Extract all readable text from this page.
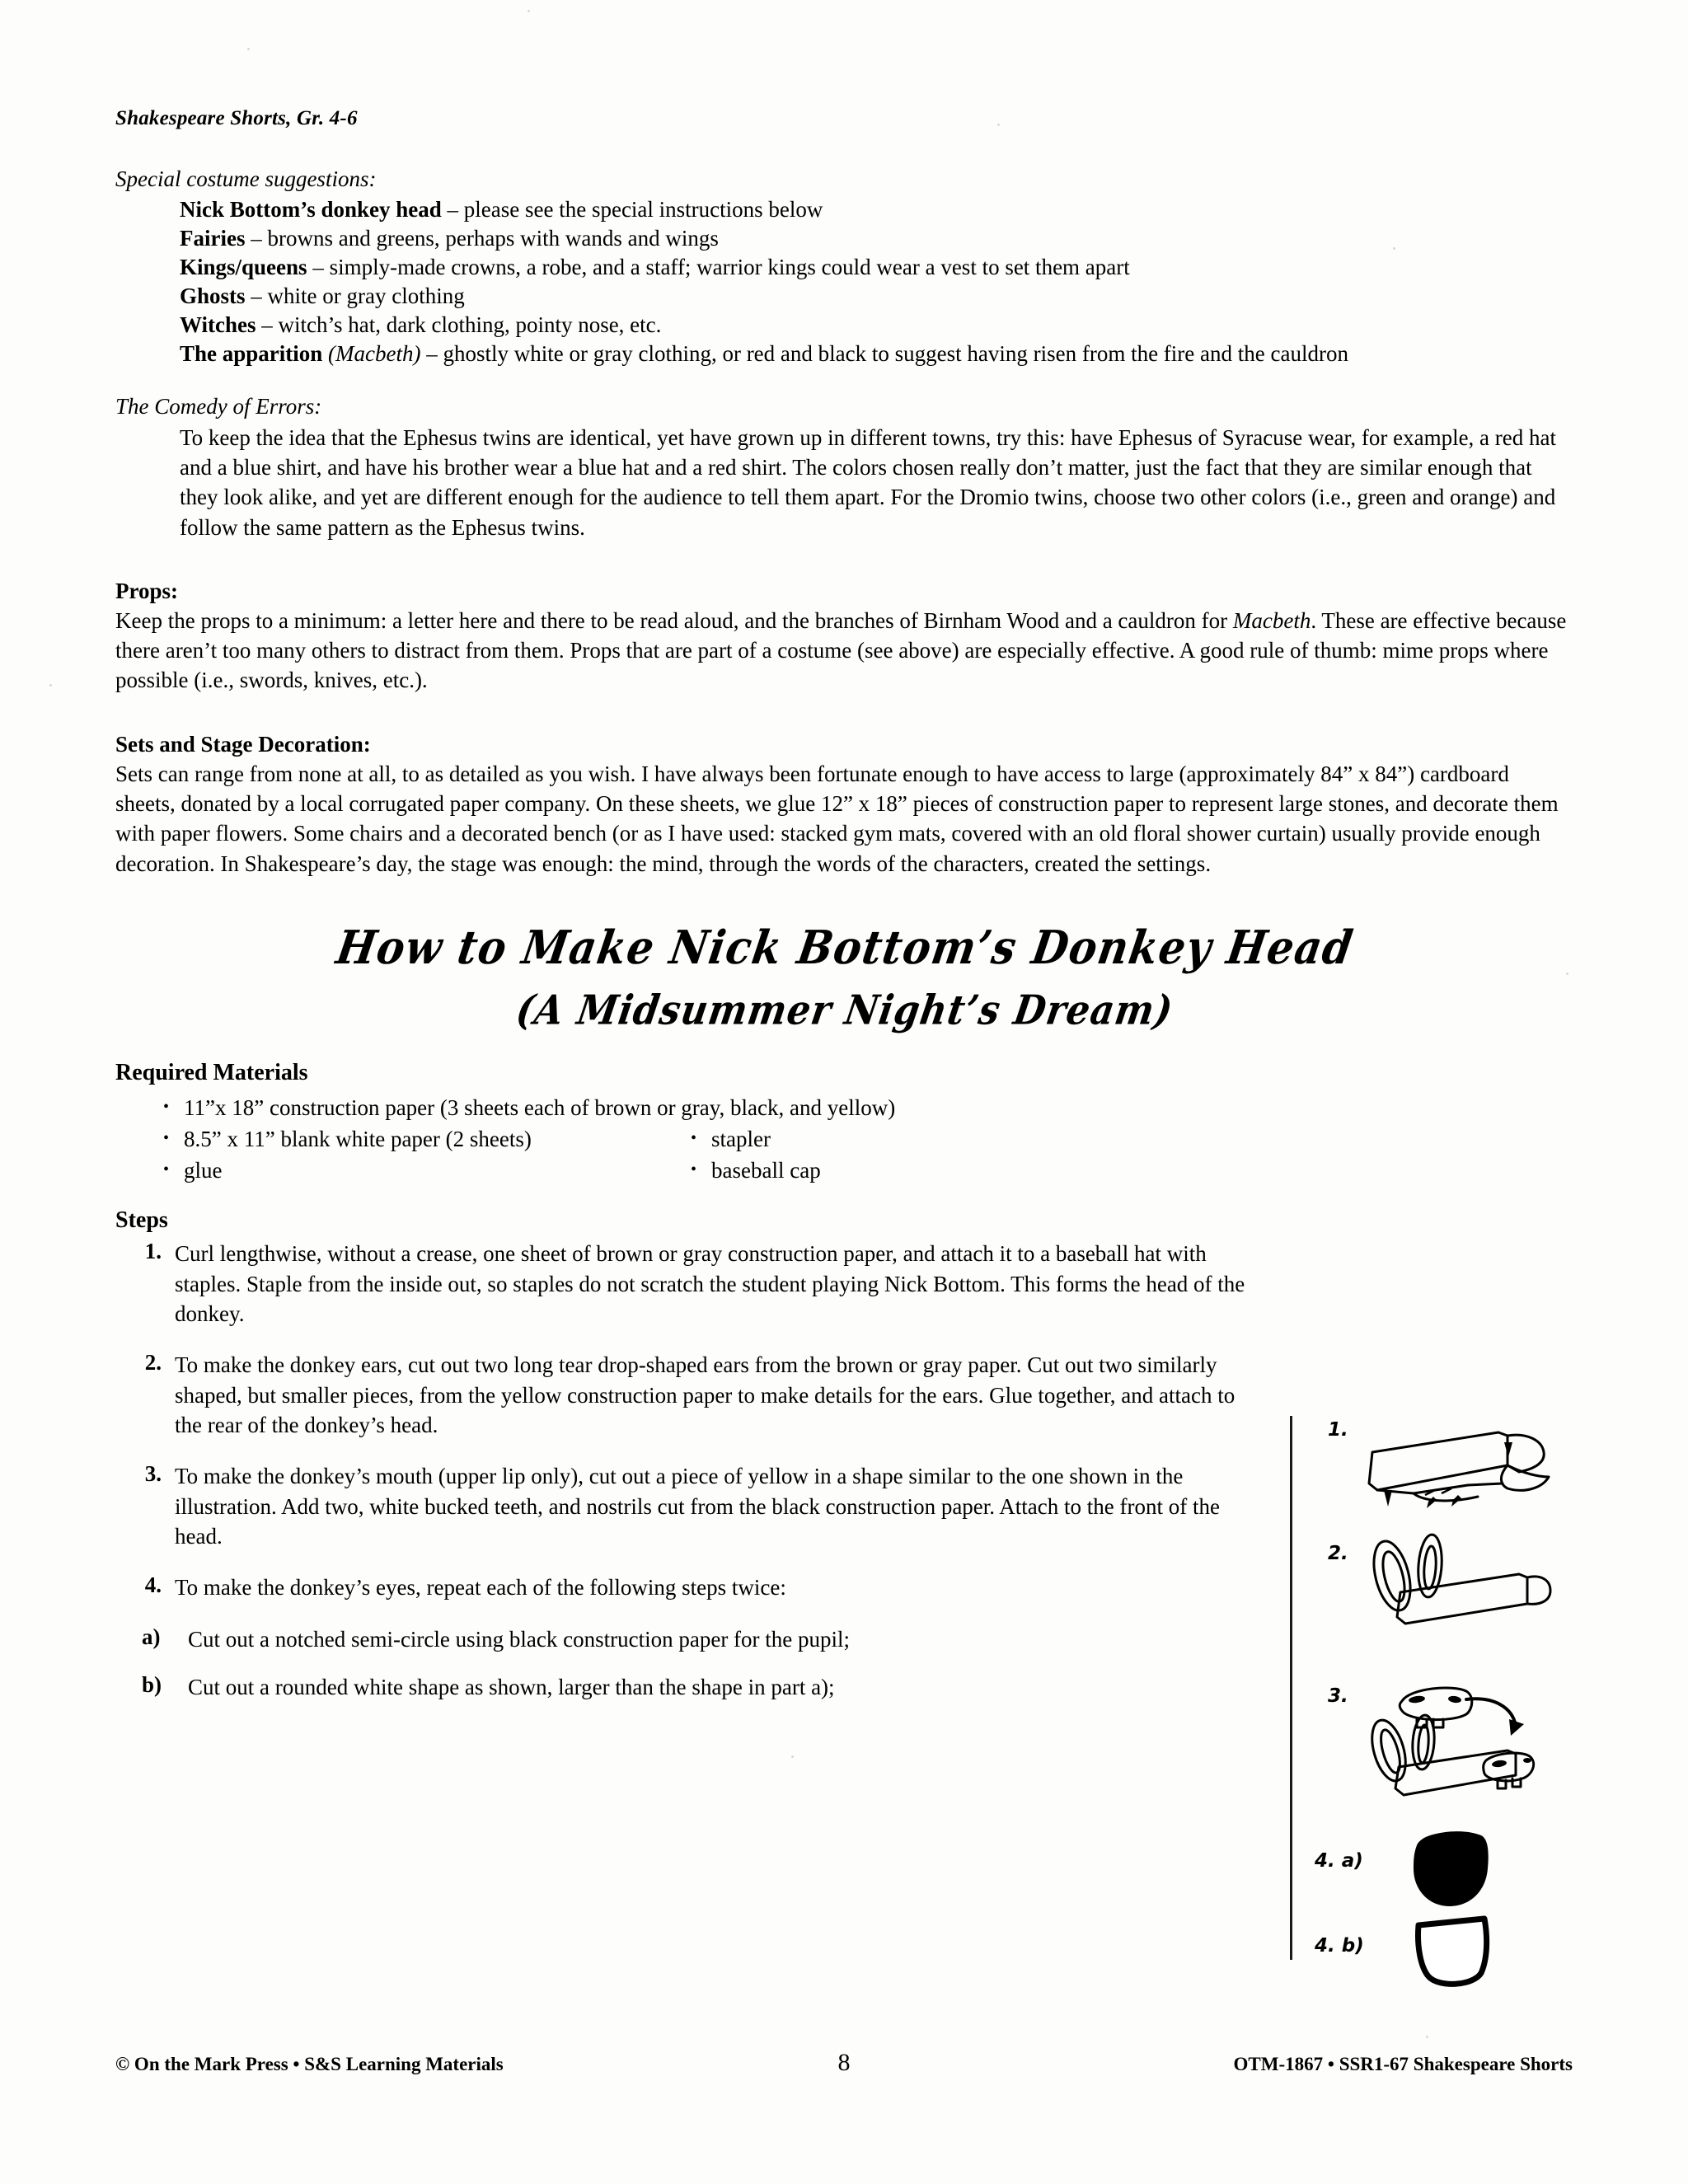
Shakespeare Shorts, Gr. 4-6
Special costume suggestions:
Nick Bottom’s donkey head – please see the special instructions below
Fairies – browns and greens, perhaps with wands and wings
Kings/queens – simply-made crowns, a robe, and a staff; warrior kings could wear a vest to set them apart
Ghosts – white or gray clothing
Witches – witch’s hat, dark clothing, pointy nose, etc.
The apparition (Macbeth) – ghostly white or gray clothing, or red and black to suggest having risen from the fire and the cauldron
The Comedy of Errors:

To keep the idea that the Ephesus twins are identical, yet have grown up in different towns, try this: have Ephesus of Syracuse wear, for example, a red hat and a blue shirt, and have his brother wear a blue hat and a red shirt. The colors chosen really don’t matter, just the fact that they are similar enough that they look alike, and yet are different enough for the audience to tell them apart. For the Dromio twins, choose two other colors (i.e., green and orange) and follow the same pattern as the Ephesus twins.

Props:

Keep the props to a minimum: a letter here and there to be read aloud, and the branches of Birnham Wood and a cauldron for Macbeth. These are effective because there aren’t too many others to distract from them. Props that are part of a costume (see above) are especially effective. A good rule of thumb: mime props where possible (i.e., swords, knives, etc.).

Sets and Stage Decoration:

Sets can range from none at all, to as detailed as you wish. I have always been fortunate enough to have access to large (approximately 84” x 84”) cardboard sheets, donated by a local corrugated paper company. On these sheets, we glue 12” x 18” pieces of construction paper to represent large stones, and decorate them with paper flowers. Some chairs and a decorated bench (or as I have used: stacked gym mats, covered with an old floral shower curtain) usually provide enough decoration. In Shakespeare’s day, the stage was enough: the mind, through the words of the characters, created the settings.

How to Make Nick Bottom’s Donkey Head
(A Midsummer Night’s Dream)
Required Materials
• 11”x 18” construction paper (3 sheets each of brown or gray, black, and yellow)
• 8.5” x 11” blank white paper (2 sheets)	• stapler
• glue	• baseball cap
Steps
1. Curl lengthwise, without a crease, one sheet of brown or gray construction paper, and attach it to a baseball hat with staples. Staple from the inside out, so staples do not scratch the student playing Nick Bottom. This forms the head of the donkey.
2. To make the donkey ears, cut out two long tear drop-shaped ears from the brown or gray paper. Cut out two similarly shaped, but smaller pieces, from the yellow construction paper to make details for the ears. Glue together, and attach to the rear of the donkey’s head.
3. To make the donkey’s mouth (upper lip only), cut out a piece of yellow in a shape similar to the one shown in the illustration. Add two, white bucked teeth, and nostrils cut from the black construction paper. Attach to the front of the head.
4. To make the donkey’s eyes, repeat each of the following steps twice:
a)	Cut out a notched semi-circle using black construction paper for the pupil;
b)	Cut out a rounded white shape as shown, larger than the shape in part a);
1.
2.
3.
4. a)
4. b)
© On the Mark Press • S&S Learning Materials	8	OTM-1867 • SSR1-67 Shakespeare Shorts
